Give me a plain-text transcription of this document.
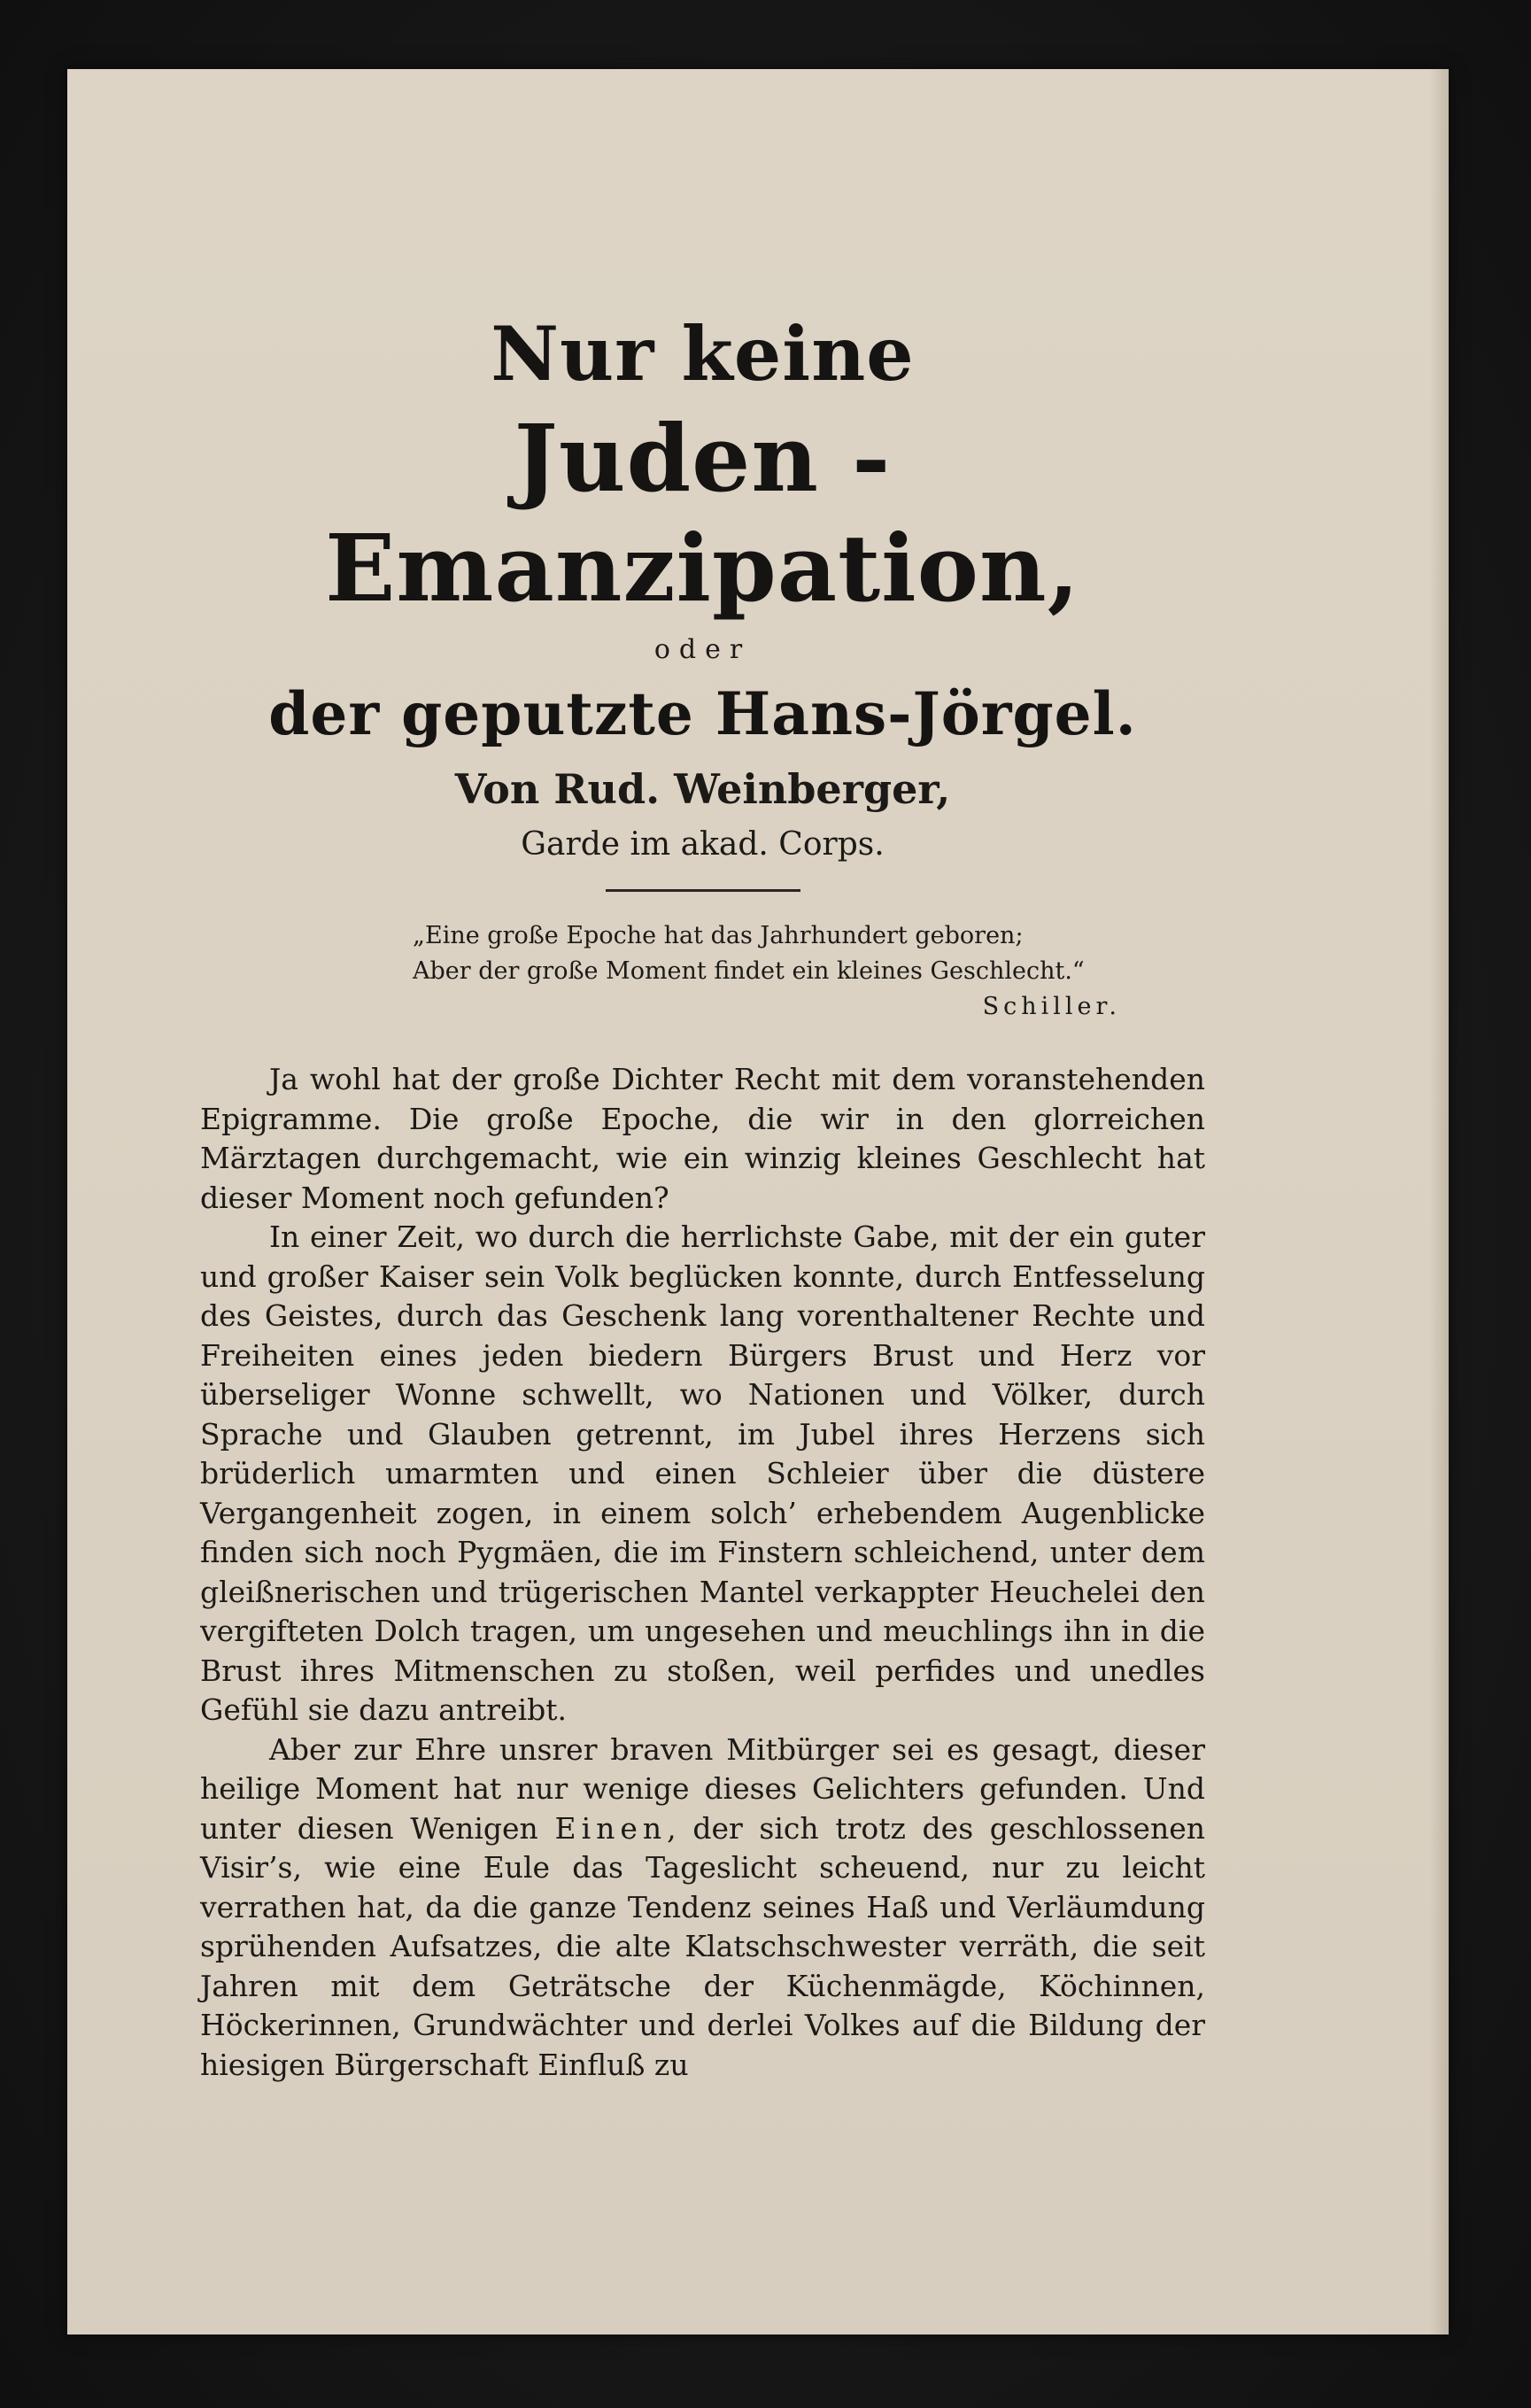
Nur keine
Juden - Emanzipation,
oder
der geputzte Hans-Jörgel.
Von Rud. Weinberger,
Garde im akad. Corps.
„Eine große Epoche hat das Jahrhundert geboren;
Aber der große Moment findet ein kleines Geschlecht.“
Schiller.

Ja wohl hat der große Dichter Recht mit dem voranstehenden Epigramme. Die große Epoche, die wir in den glorreichen Märztagen durchgemacht, wie ein winzig kleines Geschlecht hat dieser Moment noch gefunden?

In einer Zeit, wo durch die herrlichste Gabe, mit der ein guter und großer Kaiser sein Volk beglücken konnte, durch Entfesselung des Geistes, durch das Geschenk lang vorenthaltener Rechte und Freiheiten eines jeden biedern Bürgers Brust und Herz vor überseliger Wonne schwellt, wo Nationen und Völker, durch Sprache und Glauben getrennt, im Jubel ihres Herzens sich brüderlich umarmten und einen Schleier über die düstere Vergangenheit zogen, in einem solch’ erhebendem Augenblicke finden sich noch Pygmäen, die im Finstern schleichend, unter dem gleißnerischen und trügerischen Mantel verkappter Heuchelei den vergifteten Dolch tragen, um ungesehen und meuchlings ihn in die Brust ihres Mitmenschen zu stoßen, weil perfides und unedles Gefühl sie dazu antreibt.

Aber zur Ehre unsrer braven Mitbürger sei es gesagt, dieser heilige Moment hat nur wenige dieses Gelichters gefunden. Und unter diesen Wenigen Einen, der sich trotz des geschlossenen Visir’s, wie eine Eule das Tageslicht scheuend, nur zu leicht verrathen hat, da die ganze Tendenz seines Haß und Verläumdung sprühenden Aufsatzes, die alte Klatschschwester verräth, die seit Jahren mit dem Geträtsche der Küchenmägde, Köchinnen, Höckerinnen, Grundwächter und derlei Volkes auf die Bildung der hiesigen Bürgerschaft Einfluß zu
